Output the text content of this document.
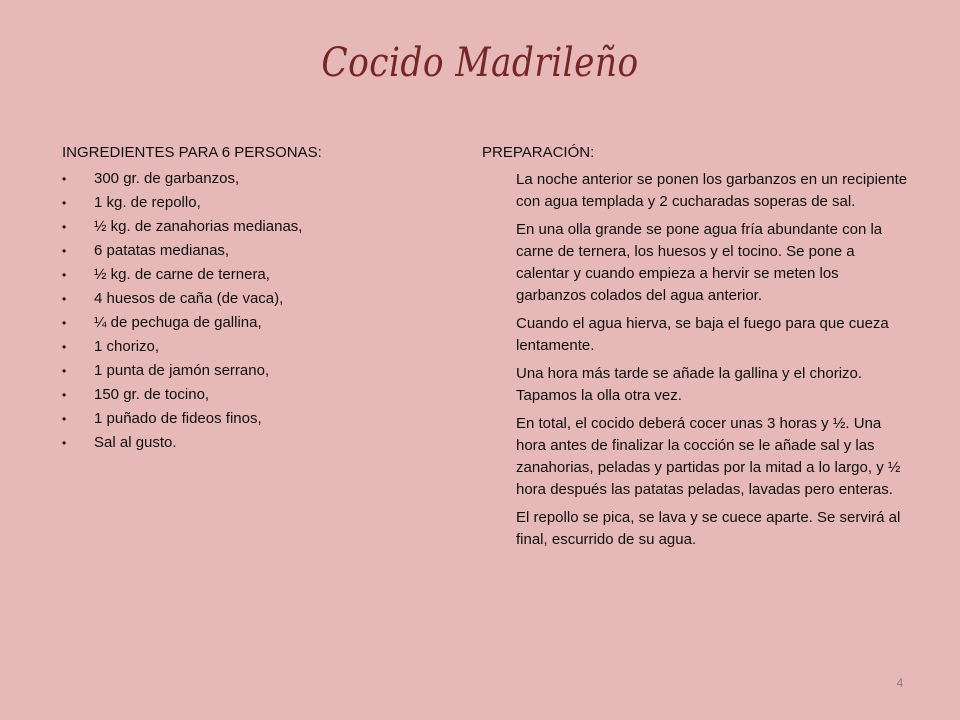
Cocido Madrileño
INGREDIENTES PARA 6 PERSONAS:
• 300 gr. de garbanzos,
• 1 kg. de repollo,
• ½ kg. de zanahorias medianas,
• 6 patatas medianas,
• ½ kg. de carne de ternera,
• 4 huesos de caña (de vaca),
• ¼ de pechuga de gallina,
• 1 chorizo,
• 1 punta de jamón serrano,
• 150 gr. de tocino,
• 1 puñado de fideos finos,
• Sal al gusto.
PREPARACIÓN:

La noche anterior se ponen los garbanzos en un recipiente con agua templada y 2 cucharadas soperas de sal.

En una olla grande se pone agua fría abundante con la carne de ternera, los huesos y el tocino. Se pone a calentar y cuando empieza a hervir se meten los garbanzos colados del agua anterior.

Cuando el agua hierva, se baja el fuego para que cueza lentamente.

Una hora más tarde se añade la gallina y el chorizo. Tapamos la olla otra vez.

En total, el cocido deberá cocer unas 3 horas y ½. Una hora antes de finalizar la cocción se le añade sal y las zanahorias, peladas y partidas por la mitad a lo largo, y ½ hora después las patatas peladas, lavadas pero enteras.

El repollo se pica, se lava y se cuece aparte. Se servirá al final, escurrido de su agua.

4
